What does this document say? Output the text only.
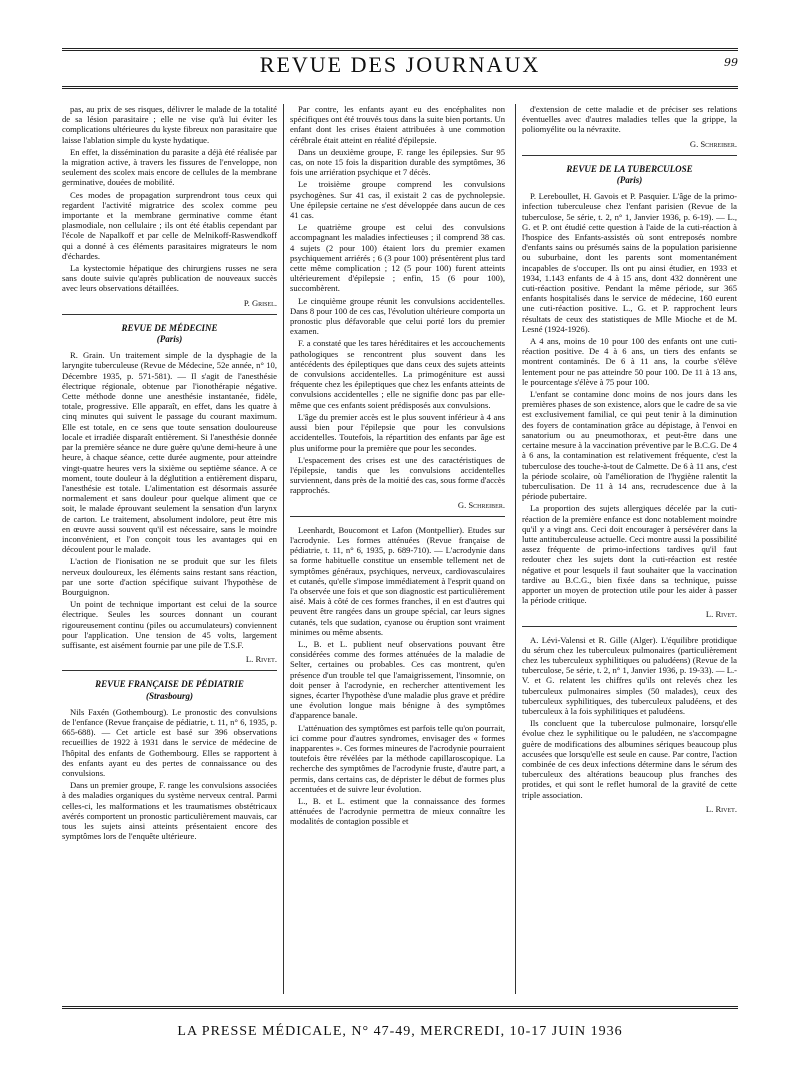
REVUE DES JOURNAUX	99

pas, au prix de ses risques, délivrer le malade de la totalité de sa lésion parasitaire ; elle ne vise qu'à lui éviter les complications ultérieures du kyste fibreux non parasitaire que laisse l'ablation simple du kyste hydatique.

En effet, la dissémination du parasite a déjà été réalisée par la migration active, à travers les fissures de l'enveloppe, non seulement des scolex mais encore de cellules de la membrane germinative, douées de mobilité.

Ces modes de propagation surprendront tous ceux qui regardent l'activité migratrice des scolex comme peu importante et la membrane germinative comme étant plasmodiale, non cellulaire ; ils ont été établis cependant par l'école de Napalkoff et par celle de Melnikoff-Raswendkoff qui a donné à ces éléments parasitaires migrateurs le nom d'échardes.

La kystectomie hépatique des chirurgiens russes ne sera sans doute suivie qu'après publication de nouveaux succès avec leurs observations détaillées.

P. Grisel.

REVUE DE MÉDECINE
(Paris)

R. Grain. Un traitement simple de la dysphagie de la laryngite tuberculeuse (Revue de Médecine, 52e année, n° 10, Décembre 1935, p. 571-581). — Il s'agit de l'anesthésie électrique régionale, obtenue par l'ionothérapie négative. Cette méthode donne une anesthésie instantanée, fidèle, totale, progressive. Elle apparaît, en effet, dans les quatre à cinq minutes qui suivent le passage du courant maximum. Elle est totale, en ce sens que toute sensation douloureuse locale et irradiée disparaît entièrement. Si l'anesthésie donnée par la première séance ne dure guère qu'une demi-heure à une heure, à chaque séance, cette durée augmente, pour atteindre vingt-quatre heures vers la sixième ou septième séance. A ce moment, toute douleur à la déglutition a entièrement disparu, l'anesthésie est totale. L'alimentation est désormais assurée normalement et sans douleur pour quelque aliment que ce soit, le malade éprouvant seulement la sensation d'un larynx de carton. Le traitement, absolument indolore, peut être mis en œuvre aussi souvent qu'il est nécessaire, sans le moindre inconvénient, et l'on conçoit tous les avantages qui en découlent pour le malade.

L'action de l'ionisation ne se produit que sur les filets nerveux douloureux, les éléments sains restant sans réaction, par une sorte d'action spécifique suivant l'hypothèse de Bourguignon.

Un point de technique important est celui de la source électrique. Seules les sources donnant un courant rigoureusement continu (piles ou accumulateurs) conviennent pour l'application. Une tension de 45 volts, largement suffisante, est aisément fournie par une pile de T.S.F.

L. Rivet.

REVUE FRANÇAISE DE PÉDIATRIE
(Strasbourg)

Nils Faxén (Gothembourg). Le pronostic des convulsions de l'enfance (Revue française de pédiatrie, t. 11, n° 6, 1935, p. 665-688). — Cet article est basé sur 396 observations recueillies de 1922 à 1931 dans le service de médecine de l'hôpital des enfants de Gothembourg. Elles se rapportent à des enfants ayant eu des pertes de connaissance ou des convulsions.

Dans un premier groupe, F. range les convulsions associées à des maladies organiques du système nerveux central. Parmi celles-ci, les malformations et les traumatismes obstétricaux avérés comportent un pronostic particulièrement mauvais, car tous les sujets ainsi atteints présentaient encore des symptômes lors de l'enquête ultérieure.

Par contre, les enfants ayant eu des encéphalites non spécifiques ont été trouvés tous dans la suite bien portants. Un enfant dont les crises étaient attribuées à une commotion cérébrale était atteint en réalité d'épilepsie.

Dans un deuxième groupe, F. range les épilepsies. Sur 95 cas, on note 15 fois la disparition durable des symptômes, 36 fois une arriération psychique et 7 décès.

Le troisième groupe comprend les convulsions psychogènes. Sur 41 cas, il existait 2 cas de pychnolepsie. Une épilepsie certaine ne s'est développée dans aucun de ces 41 cas.

Le quatrième groupe est celui des convulsions accompagnant les maladies infectieuses ; il comprend 38 cas. 4 sujets (2 pour 100) étaient lors du premier examen psychiquement arriérés ; 6 (3 pour 100) présentèrent plus tard cette même complication ; 12 (5 pour 100) furent atteints ultérieurement d'épilepsie ; enfin, 15 (6 pour 100), succombèrent.

Le cinquième groupe réunit les convulsions accidentelles. Dans 8 pour 100 de ces cas, l'évolution ultérieure comporta un pronostic plus défavorable que celui porté lors du premier examen.

F. a constaté que les tares héréditaires et les accouchements pathologiques se rencontrent plus souvent dans les antécédents des épileptiques que dans ceux des sujets atteints de convulsions accidentelles. La primogéniture est aussi fréquente chez les épileptiques que chez les enfants atteints de convulsions accidentelles ; elle ne signifie donc pas par elle-même que ces enfants soient prédisposés aux convulsions.

L'âge du premier accès est le plus souvent inférieur à 4 ans aussi bien pour l'épilepsie que pour les convulsions accidentelles. Toutefois, la répartition des enfants par âge est plus uniforme pour la première que pour les secondes.

L'espacement des crises est une des caractéristiques de l'épilepsie, tandis que les convulsions accidentelles surviennent, dans près de la moitié des cas, sous forme d'accès rapprochés.

G. Schreiber.

Leenhardt, Boucomont et Lafon (Montpellier). Etudes sur l'acrodynie. Les formes atténuées (Revue française de pédiatrie, t. 11, n° 6, 1935, p. 689-710). — L'acrodynie dans sa forme habituelle constitue un ensemble tellement net de symptômes généraux, psychiques, nerveux, cardiovasculaires et cutanés, qu'elle s'impose immédiatement à l'esprit quand on l'a observée une fois et que son diagnostic est particulièrement aisé. Mais à côté de ces formes franches, il en est d'autres qui peuvent être rangées dans un groupe spécial, car leurs signes cutanés, tels que sudation, cyanose ou éruption sont vraiment minimes ou même absents.

L., B. et L. publient neuf observations pouvant être considérées comme des formes atténuées de la maladie de Selter, certaines ou probables. Ces cas montrent, qu'en présence d'un trouble tel que l'amaigrissement, l'insomnie, on doit penser à l'acrodynie, en rechercher attentivement les signes, écarter l'hypothèse d'une maladie plus grave et prédire une évolution longue mais bénigne à des symptômes d'apparence banale.

L'atténuation des symptômes est parfois telle qu'on pourrait, ici comme pour d'autres syndromes, envisager des « formes inapparentes ». Ces formes mineures de l'acrodynie pourraient toutefois être révélées par la méthode capillaroscopique. La recherche des symptômes de l'acrodynie fruste, d'autre part, a permis, dans certains cas, de déprister le début de formes plus accentuées et de suivre leur évolution.

L., B. et L. estiment que la connaissance des formes atténuées de l'acrodynie permettra de mieux connaître les modalités de contagion possible et

d'extension de cette maladie et de préciser ses relations éventuelles avec d'autres maladies telles que la grippe, la poliomyélite ou la névraxite.

G. Schreiber.

REVUE DE LA TUBERCULOSE
(Paris)

P. Lereboullet, H. Gavois et P. Pasquier. L'âge de la primo-infection tuberculeuse chez l'enfant parisien (Revue de la tuberculose, 5e série, t. 2, n° 1, Janvier 1936, p. 6-19). — L., G. et P. ont étudié cette question à l'aide de la cuti-réaction à l'hospice des Enfants-assistés où sont entreposés nombre d'enfants sains ou présumés sains de la population parisienne ou suburbaine, dont les parents sont momentanément incapables de s'occuper. Ils ont pu ainsi étudier, en 1933 et 1934, 1.143 enfants de 4 à 15 ans, dont 432 donnèrent une cuti-réaction positive. Pendant la même période, sur 365 enfants hospitalisés dans le service de médecine, 160 eurent une cuti-réaction positive. L., G. et P. rapprochent leurs résultats de ceux des statistiques de Mlle Mioche et de M. Lesné (1924-1926).

A 4 ans, moins de 10 pour 100 des enfants ont une cuti-réaction positive. De 4 à 6 ans, un tiers des enfants se montrent contaminés. De 6 à 11 ans, la courbe s'élève lentement pour ne pas atteindre 50 pour 100. De 11 à 13 ans, le pourcentage s'élève à 75 pour 100.

L'enfant se contamine donc moins de nos jours dans les premières phases de son existence, alors que le cadre de sa vie est exclusivement familial, ce qui peut tenir à la diminution des foyers de contamination grâce au dépistage, à l'envoi en sanatorium ou au pneumothorax, et peut-être dans une certaine mesure à la vaccination préventive par le B.C.G. De 4 à 6 ans, la contamination est relativement fréquente, c'est la tuberculose des touche-à-tout de Calmette. De 6 à 11 ans, c'est la période scolaire, où l'amélioration de l'hygiène ralentit la tuberculisation. De 11 à 14 ans, recrudescence due à la période pubertaire.

La proportion des sujets allergiques décelée par la cuti-réaction de la première enfance est donc notablement moindre qu'il y a vingt ans. Ceci doit encourager à persévérer dans la lutte antituberculeuse actuelle. Ceci montre aussi la possibilité assez fréquente de primo-infections tardives qu'il faut redouter chez les sujets dont la cuti-réaction est restée négative et pour lesquels il faut souhaiter que la vaccination tardive au B.C.G., bien fixée dans sa technique, puisse apporter un moyen de protection utile pour les aider à passer la période critique.

L. Rivet.

A. Lévi-Valensi et R. Gille (Alger). L'équilibre protidique du sérum chez les tuberculeux pulmonaires (particulièrement chez les tuberculeux syphilitiques ou paludéens) (Revue de la tuberculose, 5e série, t. 2, n° 1, Janvier 1936, p. 19-33). — L.-V. et G. relatent les chiffres qu'ils ont relevés chez les tuberculeux pulmonaires simples (50 malades), ceux des tuberculeux syphilitiques, des tuberculeux paludéens, et des tuberculeux à la fois syphilitiques et paludéens.

Ils concluent que la tuberculose pulmonaire, lorsqu'elle évolue chez le syphilitique ou le paludéen, ne s'accompagne guère de modifications des albumines sériques beaucoup plus accusées que lorsqu'elle est seule en cause. Par contre, l'action combinée de ces deux infections détermine dans le sérum des tuberculeux des altérations beaucoup plus franches des protides, et qui sont le reflet humoral de la gravité de cette triple association.

L. Rivet.

LA PRESSE MÉDICALE, N° 47-49, MERCREDI, 10-17 JUIN 1936
